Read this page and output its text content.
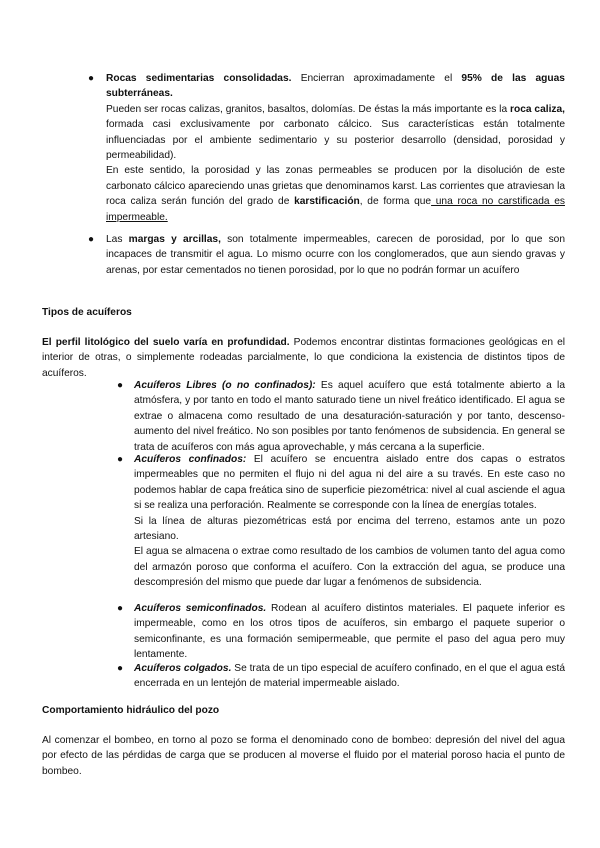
● Rocas sedimentarias consolidadas. Encierran aproximadamente el 95% de las aguas subterráneas.
Pueden ser rocas calizas, granitos, basaltos, dolomías. De éstas la más importante es la roca caliza, formada casi exclusivamente por carbonato cálcico. Sus características están totalmente influenciadas por el ambiente sedimentario y su posterior desarrollo (densidad, porosidad y permeabilidad).
En este sentido, la porosidad y las zonas permeables se producen por la disolución de este carbonato cálcico apareciendo unas grietas que denominamos karst. Las corrientes que atraviesan la roca caliza serán función del grado de karstificación, de forma que una roca no carstificada es impermeable.
● Las margas y arcillas, son totalmente impermeables, carecen de porosidad, por lo que son incapaces de transmitir el agua. Lo mismo ocurre con los conglomerados, que aun siendo gravas y arenas, por estar cementados no tienen porosidad, por lo que no podrán formar un acuífero
Tipos de acuíferos
El perfil litológico del suelo varía en profundidad. Podemos encontrar distintas formaciones geológicas en el interior de otras, o simplemente rodeadas parcialmente, lo que condiciona la existencia de distintos tipos de acuíferos.
● Acuíferos Libres (o no confinados): Es aquel acuífero que está totalmente abierto a la atmósfera, y por tanto en todo el manto saturado tiene un nivel freático identificado. El agua se extrae o almacena como resultado de una desaturación-saturación y por tanto, descenso-aumento del nivel freático. No son posibles por tanto fenómenos de subsidencia. En general se trata de acuíferos con más agua aprovechable, y más cercana a la superficie.
● Acuíferos confinados: El acuífero se encuentra aislado entre dos capas o estratos impermeables que no permiten el flujo ni del agua ni del aire a su través. En este caso no podemos hablar de capa freática sino de superficie piezométrica: nivel al cual asciende el agua si se realiza una perforación. Realmente se corresponde con la línea de energías totales.
Si la línea de alturas piezométricas está por encima del terreno, estamos ante un pozo artesiano.
El agua se almacena o extrae como resultado de los cambios de volumen tanto del agua como del armazón poroso que conforma el acuífero. Con la extracción del agua, se produce una descompresión del mismo que puede dar lugar a fenómenos de subsidencia.
● Acuíferos semiconfinados. Rodean al acuífero distintos materiales. El paquete inferior es impermeable, como en los otros tipos de acuíferos, sin embargo el paquete superior o semiconfinante, es una formación semipermeable, que permite el paso del agua pero muy lentamente.
● Acuíferos colgados. Se trata de un tipo especial de acuífero confinado, en el que el agua está encerrada en un lentejón de material impermeable aislado.
Comportamiento hidráulico del pozo
Al comenzar el bombeo, en torno al pozo se forma el denominado cono de bombeo: depresión del nivel del agua por efecto de las pérdidas de carga que se producen al moverse el fluido por el material poroso hacia el punto de bombeo.
